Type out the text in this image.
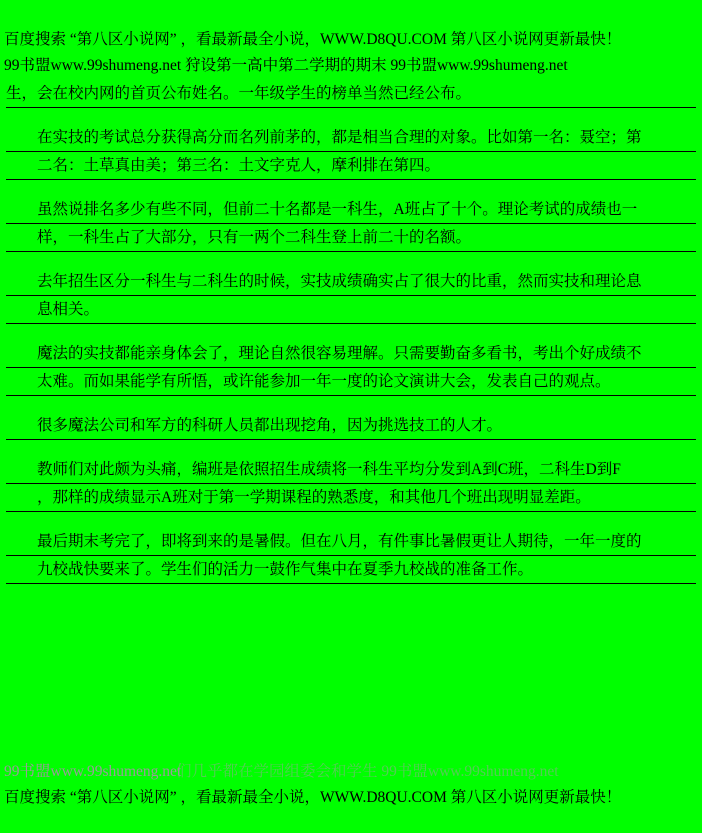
百度搜索 “第八区小说网” ，看最新最全小说，WWW.D8QU.COM 第八区小说网更新最快！
99书盟www.99shumeng.net 狩设第一高中第二学期的期末 99书盟www.99shumeng.net
生，会在校内网的首页公布姓名。一年级学生的榜单当然已经公布。
在实技的考试总分获得高分而名列前茅的，都是相当合理的对象。比如第一名：聂空；第
二名：土草真由美；第三名：土文字克人，摩利排在第四。
虽然说排名多少有些不同，但前二十名都是一科生，A班占了十个。理论考试的成绩也一
样，一科生占了大部分，只有一两个二科生登上前二十的名额。
去年招生区分一科生与二科生的时候，实技成绩确实占了很大的比重，然而实技和理论息
息相关。
魔法的实技都能亲身体会了，理论自然很容易理解。只需要勤奋多看书，考出个好成绩不
太难。而如果能学有所悟，或许能参加一年一度的论文演讲大会，发表自己的观点。
很多魔法公司和军方的科研人员都出现挖角，因为挑选技工的人才。
教师们对此颇为头痛，编班是依照招生成绩将一科生平均分发到A到C班，二科生D到F
，那样的成绩显示A班对于第一学期课程的熟悉度，和其他几个班出现明显差距。
最后期末考完了，即将到来的是暑假。但在八月，有件事比暑假更让人期待，一年一度的
九校战快要来了。学生们的活力一鼓作气集中在夏季九校战的准备工作。
们几乎都在学园组委会和学生 99书盟www.99shumeng.net
99书盟www.99shumeng.net
百度搜索 “第八区小说网” ，看最新最全小说，WWW.D8QU.COM 第八区小说网更新最快！
